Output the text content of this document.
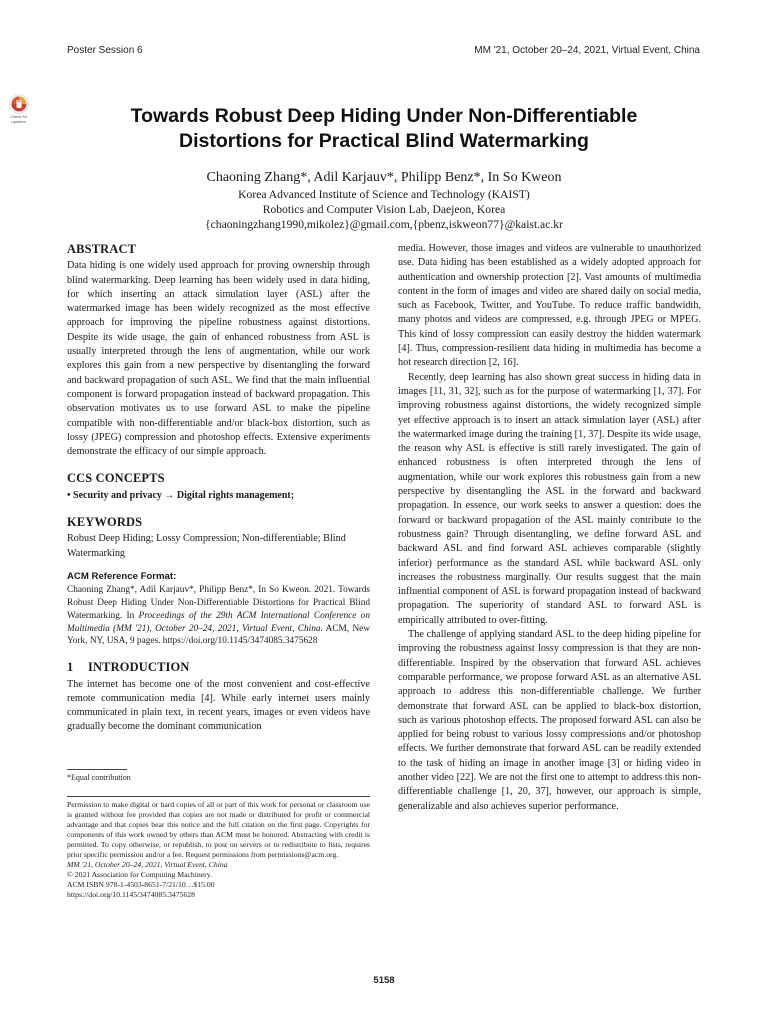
Poster Session 6	MM '21, October 20–24, 2021, Virtual Event, China
Check for updates	Towards Robust Deep Hiding Under Non-Differentiable
Distortions for Practical Blind Watermarking
Chaoning Zhang*, Adil Karjauv*, Philipp Benz*, In So Kweon
Korea Advanced Institute of Science and Technology (KAIST)
Robotics and Computer Vision Lab, Daejeon, Korea
{chaoningzhang1990,mikolez}@gmail.com,{pbenz,iskweon77}@kaist.ac.kr
ABSTRACT

Data hiding is one widely used approach for proving ownership through blind watermarking. Deep learning has been widely used in data hiding, for which inserting an attack simulation layer (ASL) after the watermarked image has been widely recognized as the most effective approach for improving the pipeline robustness against distortions. Despite its wide usage, the gain of enhanced robustness from ASL is usually interpreted through the lens of augmentation, while our work explores this gain from a new perspective by disentangling the forward and backward propagation of such ASL. We find that the main influential component is forward propagation instead of backward propagation. This observation motivates us to use forward ASL to make the pipeline compatible with non-differentiable and/or black-box distortion, such as lossy (JPEG) compression and photoshop effects. Extensive experiments demonstrate the efficacy of our simple approach.

CCS CONCEPTS

• Security and privacy → Digital rights management;

KEYWORDS

Robust Deep Hiding; Lossy Compression; Non-differentiable; Blind Watermarking

ACM Reference Format:

Chaoning Zhang*, Adil Karjauv*, Philipp Benz*, In So Kweon. 2021. Towards Robust Deep Hiding Under Non-Differentiable Distortions for Practical Blind Watermarking. In Proceedings of the 29th ACM International Conference on Multimedia (MM '21), October 20–24, 2021, Virtual Event, China. ACM, New York, NY, USA, 9 pages. https://doi.org/10.1145/3474085.3475628

1 INTRODUCTION

The internet has become one of the most convenient and cost-effective remote communication media [4]. While early internet users mainly communicated in plain text, in recent years, images or even videos have gradually become the dominant communication

*Equal contribution

Permission to make digital or hard copies of all or part of this work for personal or classroom use is granted without fee provided that copies are not made or distributed for profit or commercial advantage and that copies bear this notice and the full citation on the first page. Copyrights for components of this work owned by others than ACM must be honored. Abstracting with credit is permitted. To copy otherwise, or republish, to post on servers or to redistribute to lists, requires prior specific permission and/or a fee. Request permissions from permissions@acm.org.

MM '21, October 20–24, 2021, Virtual Event, China

© 2021 Association for Computing Machinery.

ACM ISBN 978-1-4503-8651-7/21/10…$15.00

https://doi.org/10.1145/3474085.3475628

media. However, those images and videos are vulnerable to unauthorized use. Data hiding has been established as a widely adopted approach for authentication and ownership protection [2]. Vast amounts of multimedia content in the form of images and video are shared daily on social media, such as Facebook, Twitter, and YouTube. To reduce traffic bandwidth, many photos and videos are compressed, e.g. through JPEG or MPEG. This kind of lossy compression can easily destroy the hidden watermark [4]. Thus, compression-resilient data hiding in multimedia has become a hot research direction [2, 16].

Recently, deep learning has also shown great success in hiding data in images [11, 31, 32], such as for the purpose of watermarking [1, 37]. For improving robustness against distortions, the widely recognized simple yet effective approach is to insert an attack simulation layer (ASL) after the watermarked image during the training [1, 37]. Despite its wide usage, the reason why ASL is effective is still rarely investigated. The gain of enhanced robustness is often interpreted through the lens of augmentation, while our work explores this robustness gain from a new perspective by disentangling the ASL in the forward and backward propagation. In essence, our work seeks to answer a question: does the forward or backward propagation of the ASL mainly contribute to the robustness gain? Through disentangling, we define forward ASL and backward ASL and find forward ASL achieves comparable (slightly inferior) performance as the standard ASL while backward ASL only increases the robustness marginally. Our results suggest that the main influential component of ASL is forward propagation instead of backward propagation. The superiority of standard ASL to forward ASL is empirically attributed to over-fitting.

The challenge of applying standard ASL to the deep hiding pipeline for improving the robustness against lossy compression is that they are non-differentiable. Inspired by the observation that forward ASL achieves comparable performance, we propose forward ASL as an alternative ASL approach to address this non-differentiable challenge. We further demonstrate that forward ASL can be applied to black-box distortion, such as various photoshop effects. The proposed forward ASL can also be applied for being robust to various lossy compressions and/or photoshop effects. We further demonstrate that forward ASL can be readily extended to the task of hiding an image in another image [3] or hiding video in another video [22]. We are not the first one to attempt to address this non-differentiable challenge [1, 20, 37], however, our approach is simple, generalizable and also achieves superior performance.

5158
